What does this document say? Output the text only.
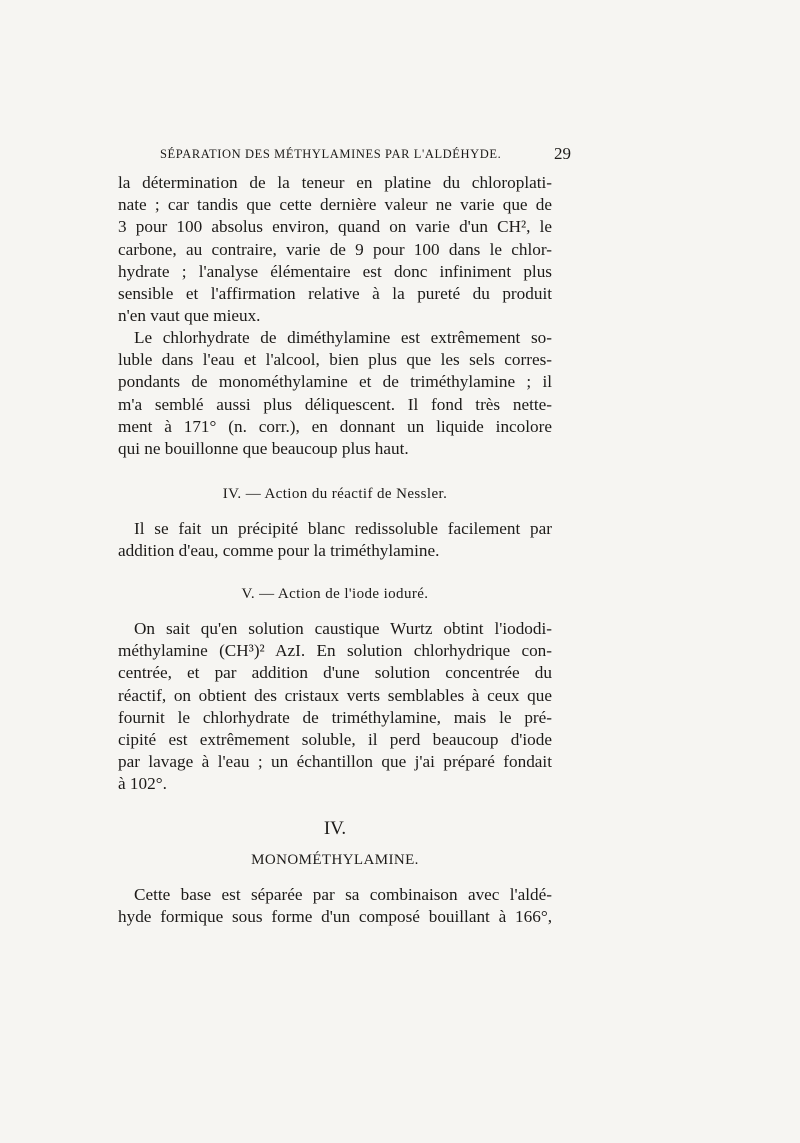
SÉPARATION DES MÉTHYLAMINES PAR L'ALDÉHYDE.	29
la détermination de la teneur en platine du chloroplati-
nate ; car tandis que cette dernière valeur ne varie que de
3 pour 100 absolus environ, quand on varie d'un CH², le
carbone, au contraire, varie de 9 pour 100 dans le chlor-
hydrate ; l'analyse élémentaire est donc infiniment plus
sensible et l'affirmation relative à la pureté du produit
n'en vaut que mieux.
Le chlorhydrate de diméthylamine est extrêmement so-
luble dans l'eau et l'alcool, bien plus que les sels corres-
pondants de monométhylamine et de triméthylamine ; il
m'a semblé aussi plus déliquescent. Il fond très nette-
ment à 171° (n. corr.), en donnant un liquide incolore
qui ne bouillonne que beaucoup plus haut.
IV. — Action du réactif de Nessler.
Il se fait un précipité blanc redissoluble facilement par
addition d'eau, comme pour la triméthylamine.
V. — Action de l'iode ioduré.
On sait qu'en solution caustique Wurtz obtint l'iododi-
méthylamine (CH³)² AzI. En solution chlorhydrique con-
centrée, et par addition d'une solution concentrée du
réactif, on obtient des cristaux verts semblables à ceux que
fournit le chlorhydrate de triméthylamine, mais le pré-
cipité est extrêmement soluble, il perd beaucoup d'iode
par lavage à l'eau ; un échantillon que j'ai préparé fondait
à 102°.
IV.
MONOMÉTHYLAMINE.
Cette base est séparée par sa combinaison avec l'aldé-
hyde formique sous forme d'un composé bouillant à 166°,
